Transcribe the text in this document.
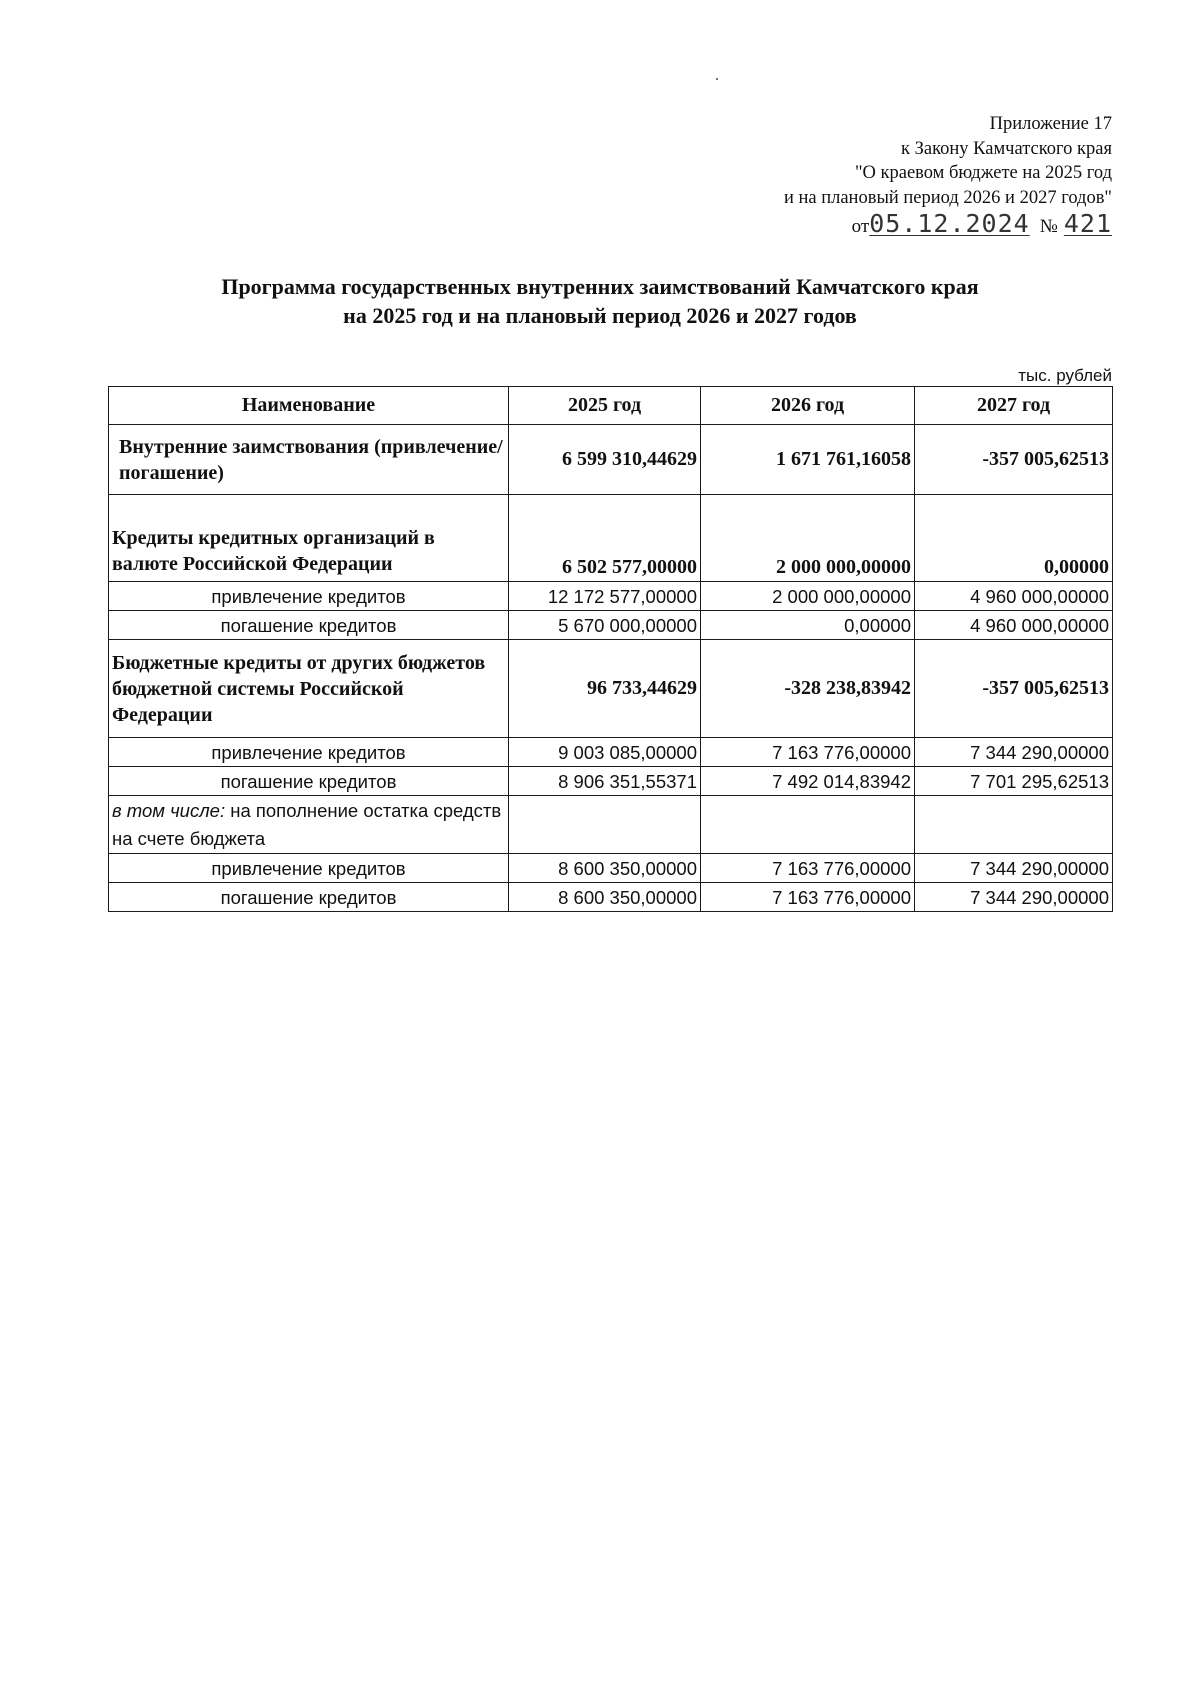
Приложение 17
к Закону Камчатского края
"О краевом бюджете на 2025 год
и на плановый период 2026 и 2027 годов"
от05.12.2024 № 421
Программа государственных внутренних заимствований Камчатского края
на 2025 год и на плановый период 2026 и 2027 годов
тыс. рублей
Наименование	2025 год	2026 год	2027 год
Внутренние заимствования (привлечение/погашение)	6 599 310,44629	1 671 761,16058	-357 005,62513
Кредиты кредитных организаций в валюте Российской Федерации	6 502 577,00000	2 000 000,00000	0,00000
привлечение кредитов	12 172 577,00000	2 000 000,00000	4 960 000,00000
погашение кредитов	5 670 000,00000	0,00000	4 960 000,00000
Бюджетные кредиты от других бюджетов бюджетной системы Российской Федерации	96 733,44629	-328 238,83942	-357 005,62513
привлечение кредитов	9 003 085,00000	7 163 776,00000	7 344 290,00000
погашение кредитов	8 906 351,55371	7 492 014,83942	7 701 295,62513
в том числе: на пополнение остатка средств на счете бюджета			
привлечение кредитов	8 600 350,00000	7 163 776,00000	7 344 290,00000
погашение кредитов	8 600 350,00000	7 163 776,00000	7 344 290,00000
